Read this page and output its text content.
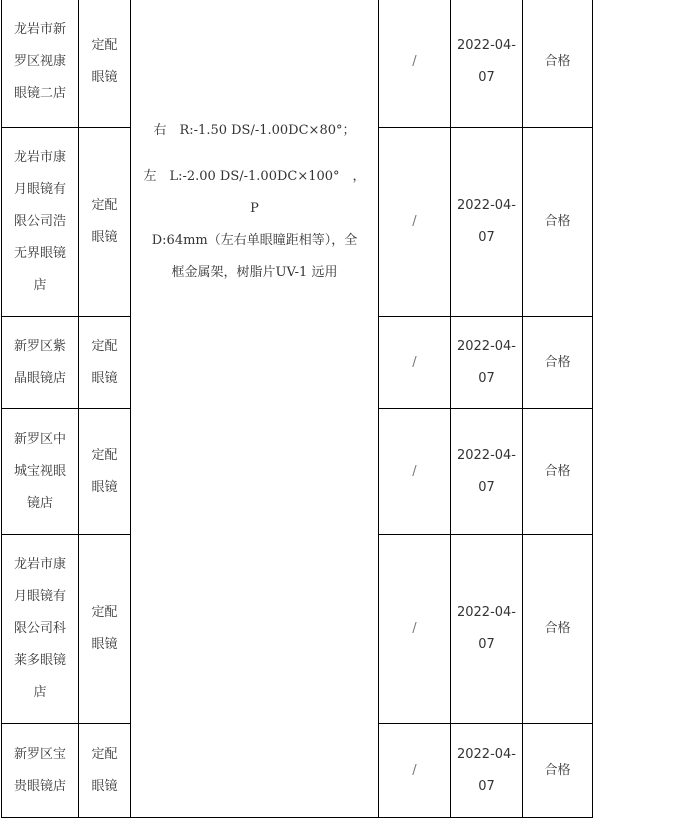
龙岩市新
罗区视康
眼镜二店	定配
眼镜	右　R:-1.50 DS/-1.00DC×80°；
左　L:-2.00 DS/-1.00DC×100°　，P
D:64mm（左右单眼瞳距相等），全
框金属架，树脂片UV-1 远用	/	2022-04-
07	合格

龙岩市康
月眼镜有
限公司浩
无界眼镜
店	定配
眼镜		/	2022-04-
07	合格

新罗区紫
晶眼镜店	定配
眼镜		/	2022-04-
07	合格

新罗区中
城宝视眼
镜店	定配
眼镜		/	2022-04-
07	合格

龙岩市康
月眼镜有
限公司科
莱多眼镜
店	定配
眼镜		/	2022-04-
07	合格

新罗区宝
贵眼镜店	定配
眼镜		/	2022-04-
07	合格
